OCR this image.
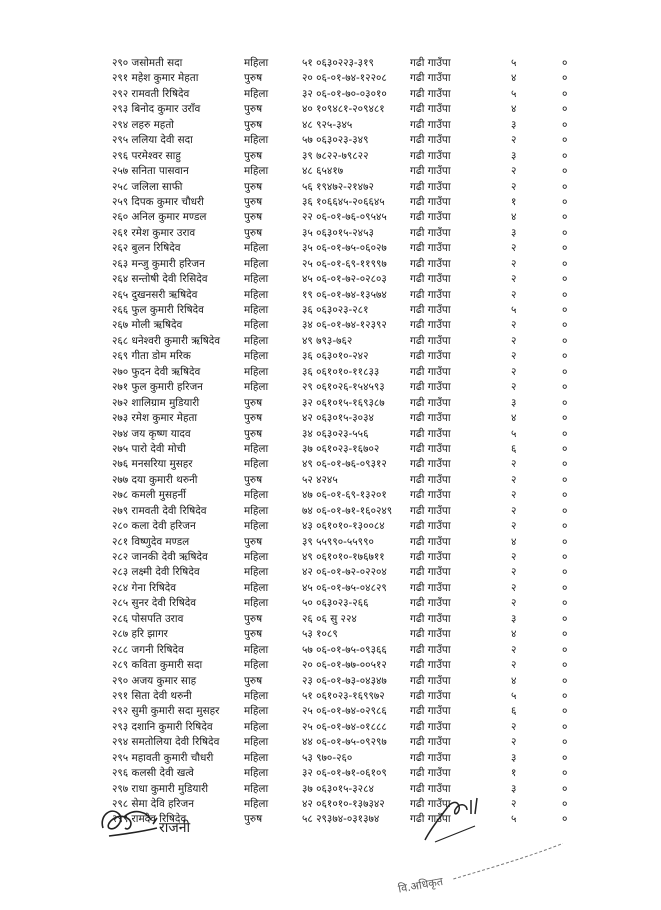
२९० जसोमती सदा	महिला	५१ ०६३०२२३-३१९	गढी गाउँपा	५	०
२९१ महेश कुमार मेहता	पुरुष	२० ०६-०१-७४-१२२०८ गढी गाउँपा	४	०
२९२ रामवती रिषिदेव	महिला	३२ ०६-०१-७०-०३०१० गढी गाउँपा	५	०
२९३ बिनोद कुमार उराँव	पुरुष	४० १०९४८१-२०९४८१ गढी गाउँपा	४	०
२९४ लहरु महतो	पुरुष	४८ ९२५-३४५	गढी गाउँपा	३	०
२९५ ललिया देवी सदा	महिला	५७ ०६३०२३-३४९	गढी गाउँपा	२	०
२९६ परमेश्वर साहु	पुरुष	३९ ७८२२-७९८२२	गढी गाउँपा	३	०
२५७ सनिता पासवान	महिला	४८ ६५४१७	गढी गाउँपा	२	०
२५८ जलिला साफी	पुरुष	५६ १९४७२-२१४७२	गढी गाउँपा	२	०
२५९ दिपक कुमार चौधरी	पुरुष	३६ १०६६४५-२०६६४५ गढी गाउँपा	१	०
२६० अनिल कुमार मण्डल	पुरुष	२२ ०६-०१-७६-०९५४५ गढी गाउँपा	४	०
२६१ रमेश कुमार उराव	पुरुष	३५ ०६३०१५-२४५३	गढी गाउँपा	३	०
२६२ बुलन रिषिदेव	महिला	३५ ०६-०१-७५-०६०२७ गढी गाउँपा	२	०
२६३ मन्जु कुमारी हरिजन	महिला	२५ ०६-०१-६९-११९९७ गढी गाउँपा	२	०
२६४ सन्तोषी देवी रिसिदेव	महिला	४५ ०६-०१-७२-०२८०३ गढी गाउँपा	२	०
२६५ दुखनसरी ऋषिदेव	महिला	१९ ०६-०१-७४-१३५७४ गढी गाउँपा	२	०
२६६ फुल कुमारी रिषिदेव	महिला	३६ ०६३०२३-२८१	गढी गाउँपा	५	०
२६७ मोली ऋषिदेव	महिला	३४ ०६-०१-७४-१२३९२ गढी गाउँपा	२	०
२६८ धनेश्वरी कुमारी ऋषिदेव महिला	४९ ७९३-७६२	गढी गाउँपा	२	०
२६९ गीता डोम मरिक	महिला	३६ ०६३०१०-२४२	गढी गाउँपा	२	०
२७० फुदन देवी ऋषिदेव	महिला	३६ ०६१०१०-११८३३	गढी गाउँपा	२	०
२७१ फुल कुमारी हरिजन	महिला	२९ ०६१०२६-१५४५९३ गढी गाउँपा	२	०
२७२ शालिग्राम मुडियारी	पुरुष	३२ ०६१०१५-१६९३८७ गढी गाउँपा	३	०
२७३ रमेश कुमार मेहता	पुरुष	४२ ०६३०१५-३०३४	गढी गाउँपा	४	०
२७४ जय कृष्ण यादव	पुरुष	३४ ०६३०२३-५५६	गढी गाउँपा	५	०
२७५ पारो देवी मोची	महिला	३७ ०६१०२३-१६७०२	गढी गाउँपा	६	०
२७६ मनसरिया मुसहर	महिला	४९ ०६-०१-७६-०९३१२ गढी गाउँपा	२	०
२७७ दया कुमारी थरुनी	पुरुष	५२ ४२४५	गढी गाउँपा	२	०
२७८ कमली मुसहर्नी	महिला	४७ ०६-०१-६९-१३२०१ गढी गाउँपा	२	०
२७९ रामवती देवी रिषिदेव	महिला	७४ ०६-०१-७१-१६०२४९ गढी गाउँपा	२	०
२८० कला देवी हरिजन	महिला	४३ ०६१०१०-१३००८४ गढी गाउँपा	२	०
२८१ विष्णुदेव मण्डल	पुरुष	३९ ५५९९०-५५९९०	गढी गाउँपा	४	०
२८२ जानकी देवी ऋषिदेव	महिला	४९ ०६१०१०-१७६७११ गढी गाउँपा	२	०
२८३ लक्ष्मी देवी रिषिदेव	महिला	४२ ०६-०१-७२-०२२०४ गढी गाउँपा	२	०
२८४ गेना रिषिदेव	महिला	४५ ०६-०१-७५-०४८२९ गढी गाउँपा	२	०
२८५ सुनर देवी रिषिदेव	महिला	५० ०६३०२३-२६६	गढी गाउँपा	२	०
२८६ पोसपति उराव	पुरुष	२६ ०६ सु २२४	गढी गाउँपा	३	०
२८७ हरि झागर	पुरुष	५३ १०८९	गढी गाउँपा	४	०
२८८ जगनी रिषिदेव	महिला	५७ ०६-०१-७५-०९३६६ गढी गाउँपा	२	०
२८९ कविता कुमारी सदा	महिला	२० ०६-०१-७७-००५१२ गढी गाउँपा	२	०
२९० अजय कुमार साह	पुरुष	२३ ०६-०१-७३-०४३४७ गढी गाउँपा	४	०
२९१ सिता देवी थरुनी	महिला	५१ ०६१०२३-१६९९७२ गढी गाउँपा	५	०
२९२ सुमी कुमारी सदा मुसहर महिला	२५ ०६-०१-७४-०२९८६ गढी गाउँपा	६	०
२९३ दशानि कुमारी रिषिदेव	महिला	२५ ०६-०१-७४-०१८८८ गढी गाउँपा	२	०
२९४ समतोलिया देवी रिषिदेव महिला	४४ ०६-०१-७५-०९२९७ गढी गाउँपा	२	०
२९५ महावती कुमारी चौधरी	महिला	५३ ९७०-२६०	गढी गाउँपा	३	०
२९६ कलसी देवी खत्वे	महिला	३२ ०६-०१-७१-०६१०९ गढी गाउँपा	१	०
२९७ राधा कुमारी मुडियारी	महिला	३७ ०६३०१५-३२८४	गढी गाउँपा	३	०
२९८ सेमा देवि हरिजन	महिला	४२ ०६१०१०-१३७३४२ गढी गाउँपा	२	०
२९९ रामदेव रिषिदेव	पुरुष	५८ २९३७४-०३१३७४	गढी गाउँपा	५	०
राजनी
वि.अधिकृत
